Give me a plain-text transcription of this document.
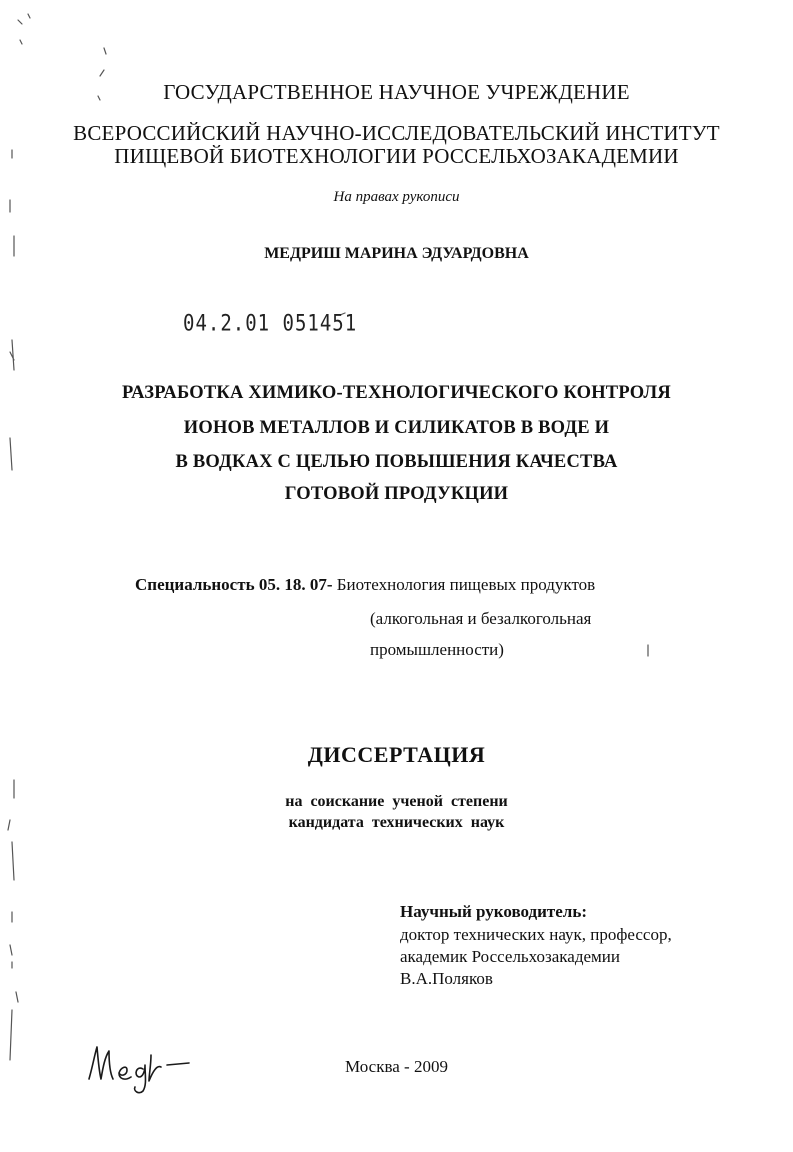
ГОСУДАРСТВЕННОЕ НАУЧНОЕ УЧРЕЖДЕНИЕ
ВСЕРОССИЙСКИЙ НАУЧНО-ИССЛЕДОВАТЕЛЬСКИЙ ИНСТИТУТ
ПИЩЕВОЙ БИОТЕХНОЛОГИИ РОССЕЛЬХОЗАКАДЕМИИ
На правах рукописи
МЕДРИШ МАРИНА ЭДУАРДОВНА
04.2.01 051451
РАЗРАБОТКА ХИМИКО-ТЕХНОЛОГИЧЕСКОГО КОНТРОЛЯ
ИОНОВ МЕТАЛЛОВ И СИЛИКАТОВ В ВОДЕ И
В ВОДКАХ С ЦЕЛЬЮ ПОВЫШЕНИЯ КАЧЕСТВА
ГОТОВОЙ ПРОДУКЦИИ
Специальность 05. 18. 07- Биотехнология пищевых продуктов
(алкогольная и безалкогольная
промышленности)
ДИССЕРТАЦИЯ
на соискание ученой степени
кандидата технических наук
Научный руководитель:
доктор технических наук, профессор,
академик Россельхозакадемии
В.А.Поляков
Москва - 2009
